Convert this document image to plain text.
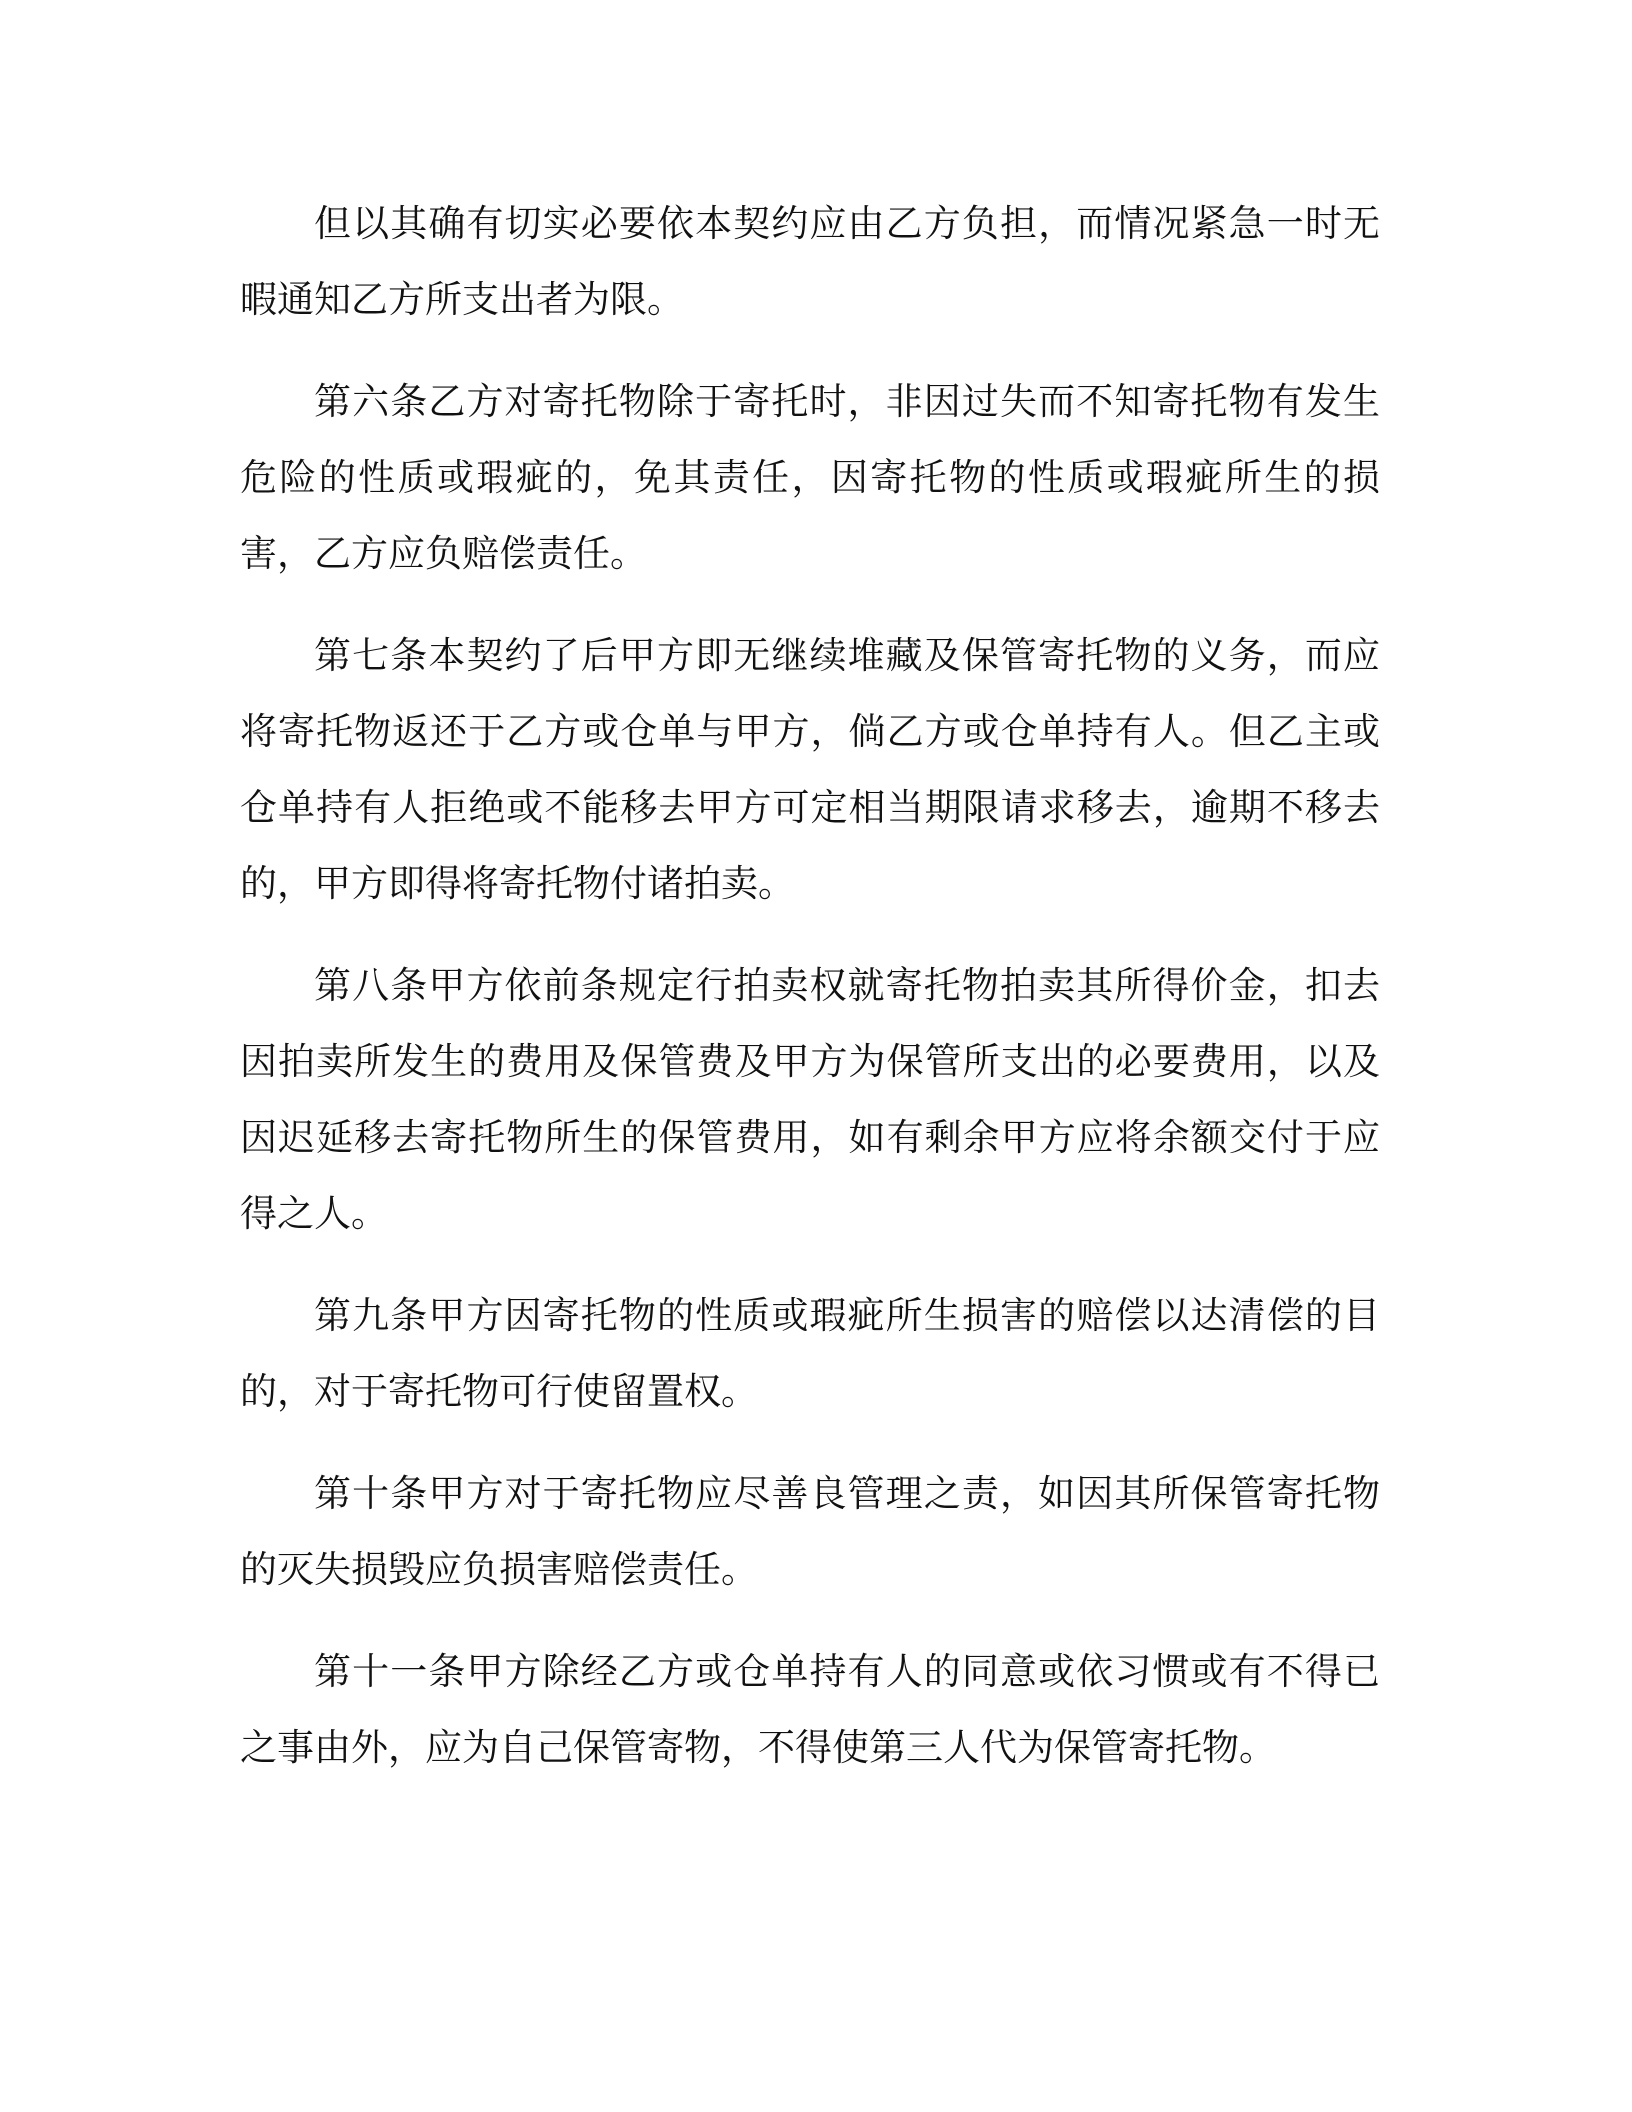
但以其确有切实必要依本契约应由乙方负担，而情况紧急一时无暇通知乙方所支出者为限。

第六条乙方对寄托物除于寄托时，非因过失而不知寄托物有发生危险的性质或瑕疵的，免其责任，因寄托物的性质或瑕疵所生的损害，乙方应负赔偿责任。

第七条本契约了后甲方即无继续堆藏及保管寄托物的义务，而应将寄托物返还于乙方或仓单与甲方，倘乙方或仓单持有人。但乙主或仓单持有人拒绝或不能移去甲方可定相当期限请求移去，逾期不移去的，甲方即得将寄托物付诸拍卖。

第八条甲方依前条规定行拍卖权就寄托物拍卖其所得价金，扣去因拍卖所发生的费用及保管费及甲方为保管所支出的必要费用，以及因迟延移去寄托物所生的保管费用，如有剩余甲方应将余额交付于应得之人。

第九条甲方因寄托物的性质或瑕疵所生损害的赔偿以达清偿的目的，对于寄托物可行使留置权。

第十条甲方对于寄托物应尽善良管理之责，如因其所保管寄托物的灭失损毁应负损害赔偿责任。

第十一条甲方除经乙方或仓单持有人的同意或依习惯或有不得已之事由外，应为自己保管寄物，不得使第三人代为保管寄托物。
